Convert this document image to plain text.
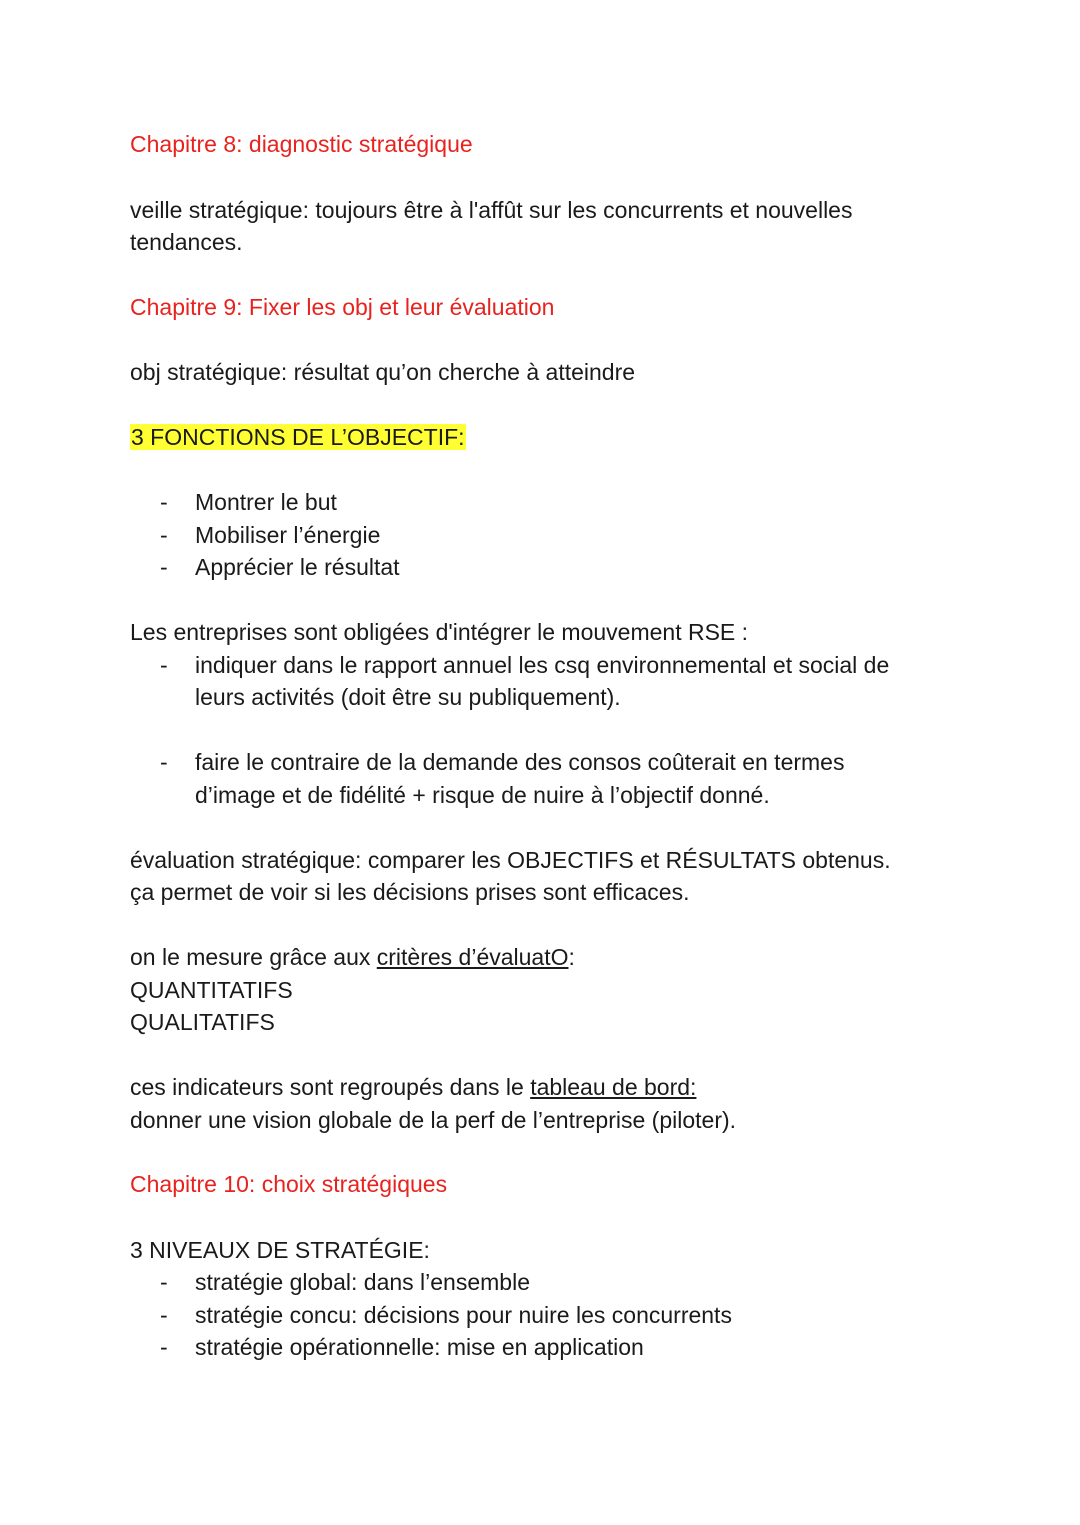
Chapitre 8: diagnostic stratégique
veille stratégique: toujours être à l'affût sur les concurrents et nouvelles
tendances.
Chapitre 9: Fixer les obj et leur évaluation
obj stratégique: résultat qu’on cherche à atteindre
3 FONCTIONS DE L’OBJECTIF:
- Montrer le but
- Mobiliser l’énergie
- Apprécier le résultat
Les entreprises sont obligées d'intégrer le mouvement RSE :
- indiquer dans le rapport annuel les csq environnemental et social de
leurs activités (doit être su publiquement).
- faire le contraire de la demande des consos coûterait en termes
d’image et de fidélité + risque de nuire à l’objectif donné.
évaluation stratégique: comparer les OBJECTIFS et RÉSULTATS obtenus.
ça permet de voir si les décisions prises sont efficaces.
on le mesure grâce aux critères d’évaluatO:
QUANTITATIFS
QUALITATIFS
ces indicateurs sont regroupés dans le tableau de bord:
donner une vision globale de la perf de l’entreprise (piloter).
Chapitre 10: choix stratégiques
3 NIVEAUX DE STRATÉGIE:
- stratégie global: dans l’ensemble
- stratégie concu: décisions pour nuire les concurrents
- stratégie opérationnelle: mise en application
